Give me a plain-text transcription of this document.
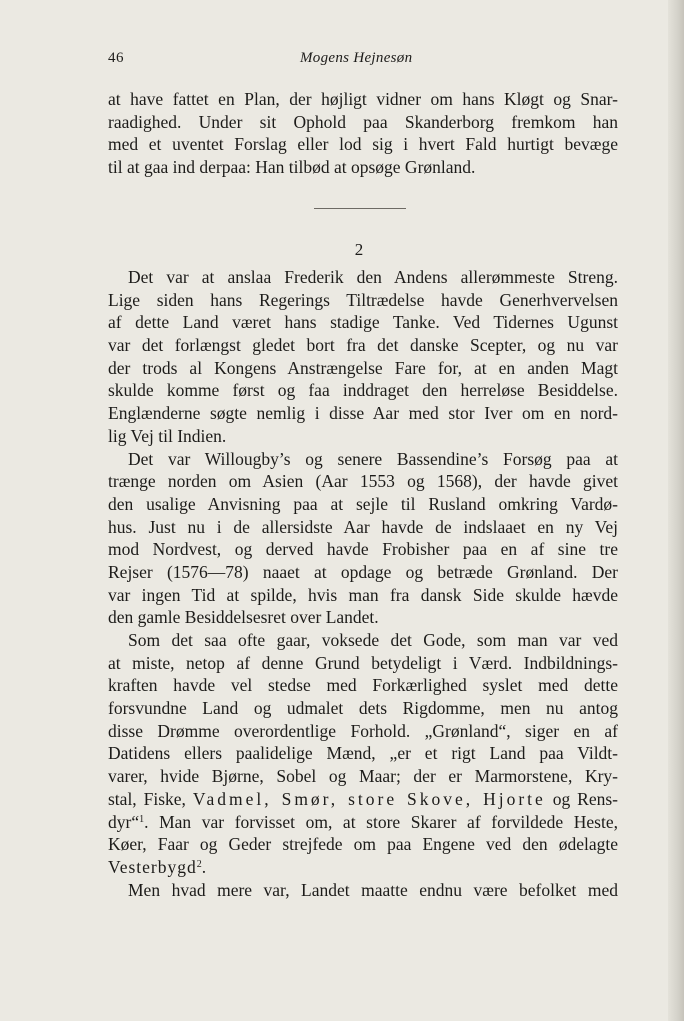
46	Mogens Hejnesøn
at have fattet en Plan, der højligt vidner om hans Kløgt og Snar-
raadighed. Under sit Ophold paa Skanderborg fremkom han
med et uventet Forslag eller lod sig i hvert Fald hurtigt bevæge
til at gaa ind derpaa: Han tilbød at opsøge Grønland.
2
Det var at anslaa Frederik den Andens allerømmeste Streng.
Lige siden hans Regerings Tiltrædelse havde Generhvervelsen
af dette Land været hans stadige Tanke. Ved Tidernes Ugunst
var det forlængst gledet bort fra det danske Scepter, og nu var
der trods al Kongens Anstrængelse Fare for, at en anden Magt
skulde komme først og faa inddraget den herreløse Besiddelse.
Englænderne søgte nemlig i disse Aar med stor Iver om en nord-
lig Vej til Indien.
Det var Willougby’s og senere Bassendine’s Forsøg paa at
trænge norden om Asien (Aar 1553 og 1568), der havde givet
den usalige Anvisning paa at sejle til Rusland omkring Vardø-
hus. Just nu i de allersidste Aar havde de indslaaet en ny Vej
mod Nordvest, og derved havde Frobisher paa en af sine tre
Rejser (1576—78) naaet at opdage og betræde Grønland. Der
var ingen Tid at spilde, hvis man fra dansk Side skulde hævde
den gamle Besiddelsesret over Landet.
Som det saa ofte gaar, voksede det Gode, som man var ved
at miste, netop af denne Grund betydeligt i Værd. Indbildnings-
kraften havde vel stedse med Forkærlighed syslet med dette
forsvundne Land og udmalet dets Rigdomme, men nu antog
disse Drømme overordentlige Forhold. „Grønland“, siger en af
Datidens ellers paalidelige Mænd, „er et rigt Land paa Vildt-
varer, hvide Bjørne, Sobel og Maar; der er Marmorstene, Kry-
stal, Fiske, Vadmel, Smør, store Skove, Hjorte og Rens-
dyr“$^1$. Man var forvisset om, at store Skarer af forvildede Heste,
Køer, Faar og Geder strejfede om paa Engene ved den ødelagte
Vesterbygd$^2$.
Men hvad mere var, Landet maatte endnu være befolket med
